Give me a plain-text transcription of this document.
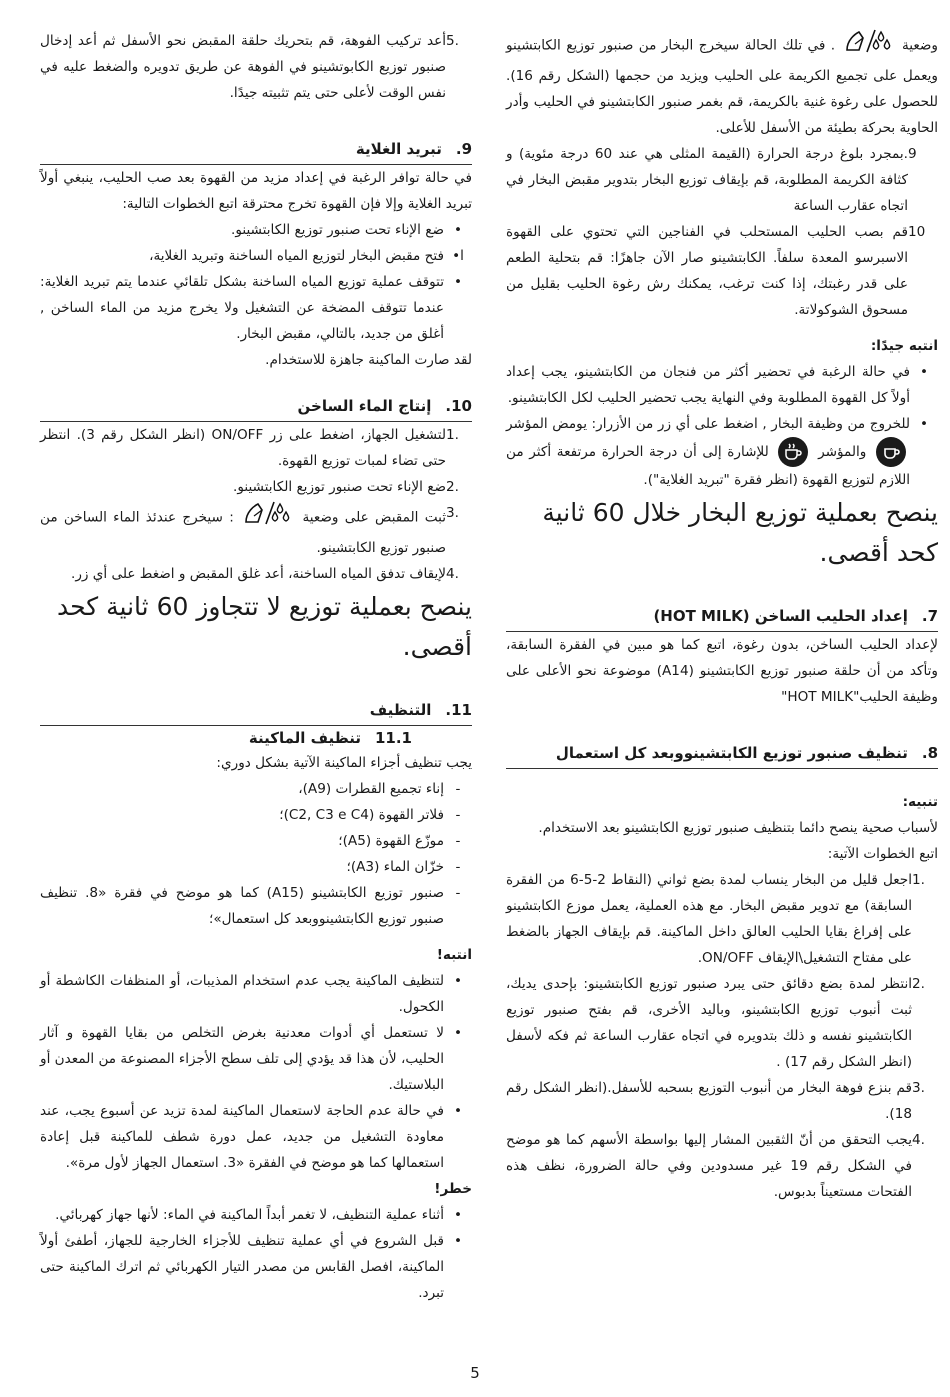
وضعية  . في تلك الحالة سيخرج البخار من صنبور توزيع الكابتشينو ويعمل على تجميع الكريمة على الحليب ويزيد من حجمها (الشكل رقم 16). للحصول على رغوة غنية بالكريمة، قم بغمر صنبور الكابتشينو في الحليب وأدر الحاوية بحركة بطيئة من الأسفل للأعلى.

9
.بمجرد بلوغ درجة الحرارة (القيمة المثلى هي عند 60 درجة مئوية) و كثافة الكريمة المطلوبة، قم بإيقاف توزيع البخار بتدوير مقبض البخار في اتجاه عقارب الساعة
10
قم بصب الحليب المستحلب في الفناجين التي تحتوي على القهوة الاسبرسو المعدة سلفاً. الكابتشينو صار الآن جاهزًا: قم بتحلية الطعم على قدر رغبتك، إذا كنت ترغب، يمكنك رش رغوة الحليب بقليل من مسحوق الشوكولاتة.

انتبه جيدًا:

•
في حالة الرغبة في تحضير أكثر من فنجان من الكابتشينو، يجب إعداد أولاً كل القهوة المطلوبة وفي النهاية يجب تحضير الحليب لكل الكابتشينو.
•
للخروج من وظيفة البخار , اضغط على أي زر من الأزرار: يومض المؤشر
والمؤشر
للإشارة إلى أن درجة الحرارة مرتفعة أكثر من اللازم لتوزيع القهوة (انظر فقرة "تبريد الغلاية").

ينصح بعملية توزيع البخار خلال 60 ثانية كحد أقصى.

7.
إعداد الحليب الساخن (HOT MILK)

لإعداد الحليب الساخن، بدون رغوة، اتبع كما هو مبين في الفقرة السابقة، وتأكد من أن حلقة صنبور توزيع الكابتشينو (A14) موضوعة نحو الأعلى على وظيفة الحليب"HOT MILK"

8.
تنظيف صنبور توزيع الكابتشينووبعد كل استعمال

تنبيه:

لأسباب صحية ينصح دائما بتنظيف صنبور توزيع الكابتشينو بعد الاستخدام.

اتبع الخطوات الآتية:

1.
اجعل قليل من البخار ينساب لمدة بضع ثواني (النقاط 2-5-6 من الفقرة السابقة) مع تدوير مقبض البخار. مع هذه العملية، يعمل موزع الكابتشينو على إفراغ بقايا الحليب العالق داخل الماكينة. قم بإيقاف الجهاز بالضغط على مفتاح التشغيل\الإيقاف ON/OFF.
2.
انتظر لمدة بضع دقائق حتى يبرد صنبور توزيع الكابتشينو: بإحدى يديك، ثبت أنبوب توزيع الكابتشينو، وباليد الأخرى، قم بفتح صنبور توزيع الكابتشينو نفسه و ذلك بتدويره في اتجاه عقارب الساعة ثم فكه لأسفل (انظر الشكل رقم 17) .
3.
قم بنزع فوهة البخار من أنبوب التوزيع بسحبه للأسفل.(انظر الشكل رقم 18).
4.
يجب التحقق من أنّ الثقبين المشار إليها بواسطة الأسهم كما هو موضح في الشكل رقم 19 غير مسدودين وفي حالة الضرورة، نظف هذه الفتحات مستعيناً بدبوس.
5.
أعد تركيب الفوهة، قم بتحريك حلقة المقبض نحو الأسفل ثم أعد إدخال صنبور توزيع الكابوتشينو في الفوهة عن طريق تدويره والضغط عليه في نفس الوقت لأعلى حتى يتم تثبيته جيدًا.
9.
تبريد الغلاية

في حالة توافر الرغبة في إعداد مزيد من القهوة بعد صب الحليب، ينبغي أولاً تبريد الغلاية وإلا فإن القهوة تخرج محترقة اتبع الخطوات التالية:

•
ضع الإناء تحت صنبور توزيع الكابتشينو.
ا•
فتح مقبض البخار لتوزيع المياه الساخنة وتبريد الغلاية،
•
تتوقف عملية توزيع المياه الساخنة بشكل تلقائي عندما يتم تبريد الغلاية: عندما تتوقف المضخة عن التشغيل ولا يخرج مزيد من الماء الساخن , أغلق من جديد، بالتالي، مقبض البخار.

لقد صارت الماكينة جاهزة للاستخدام.

10.
إنتاج الماء الساخن
1.
لتشغيل الجهاز، اضغط على زر ON/OFF (انظر الشكل رقم 3). انتظر حتى تضاء لمبات توزيع القهوة.
2.
ضع الإناء تحت صنبور توزيع الكابتشينو.
3.
ثبت المقبض على وضعية  : سيخرج عندئذ الماء الساخن من صنبور توزيع الكابتشينو.
4.
لإيقاف تدفق المياه الساخنة، أعد غلق المقبض و اضغط على أي زر.

ينصح بعملية توزيع لا تتجاوز 60 ثانية كحد أقصى.

11.
التنظيف
11.1
تنظيف الماكينة

يجب تنظيف أجزاء الماكينة الآتية بشكل دوري:

-
إناء تجميع القطرات (A9)،
-
فلاتر القهوة (C2, C3 e C4)؛
-
موزّع القهوة (A5)؛
-
خزّان الماء (A3)؛
-
صنبور توزيع الكابتشينو (A15) كما هو موضح في فقرة «8. تنظيف صنبور توزيع الكابتشينووبعد كل استعمال»؛

انتبه!

•
لتنظيف الماكينة يجب عدم استخدام المذيبات، أو المنظفات الكاشطة أو الكحول.
•
لا تستعمل أي أدوات معدنية بغرض التخلص من بقايا القهوة و آثار الحليب، لأن هذا قد يؤدي إلى تلف سطح الأجزاء المصنوعة من المعدن أو البلاستيك.
•
في حالة عدم الحاجة لاستعمال الماكينة لمدة تزيد عن أسبوع يجب، عند معاودة التشغيل من جديد، عمل دورة شطف للماكينة قبل إعادة استعمالها كما هو موضح في الفقرة «3. استعمال الجهاز لأول مرة».

خطر!

•
أثناء عملية التنظيف، لا تغمر أبداً الماكينة في الماء: لأنها جهاز كهربائي.
•
قبل الشروع في أي عملية تنظيف للأجزاء الخارجية للجهاز، أطفئ أولاً الماكينة، افصل القابس من مصدر التيار الكهربائي ثم اترك الماكينة حتى تبرد.
5
